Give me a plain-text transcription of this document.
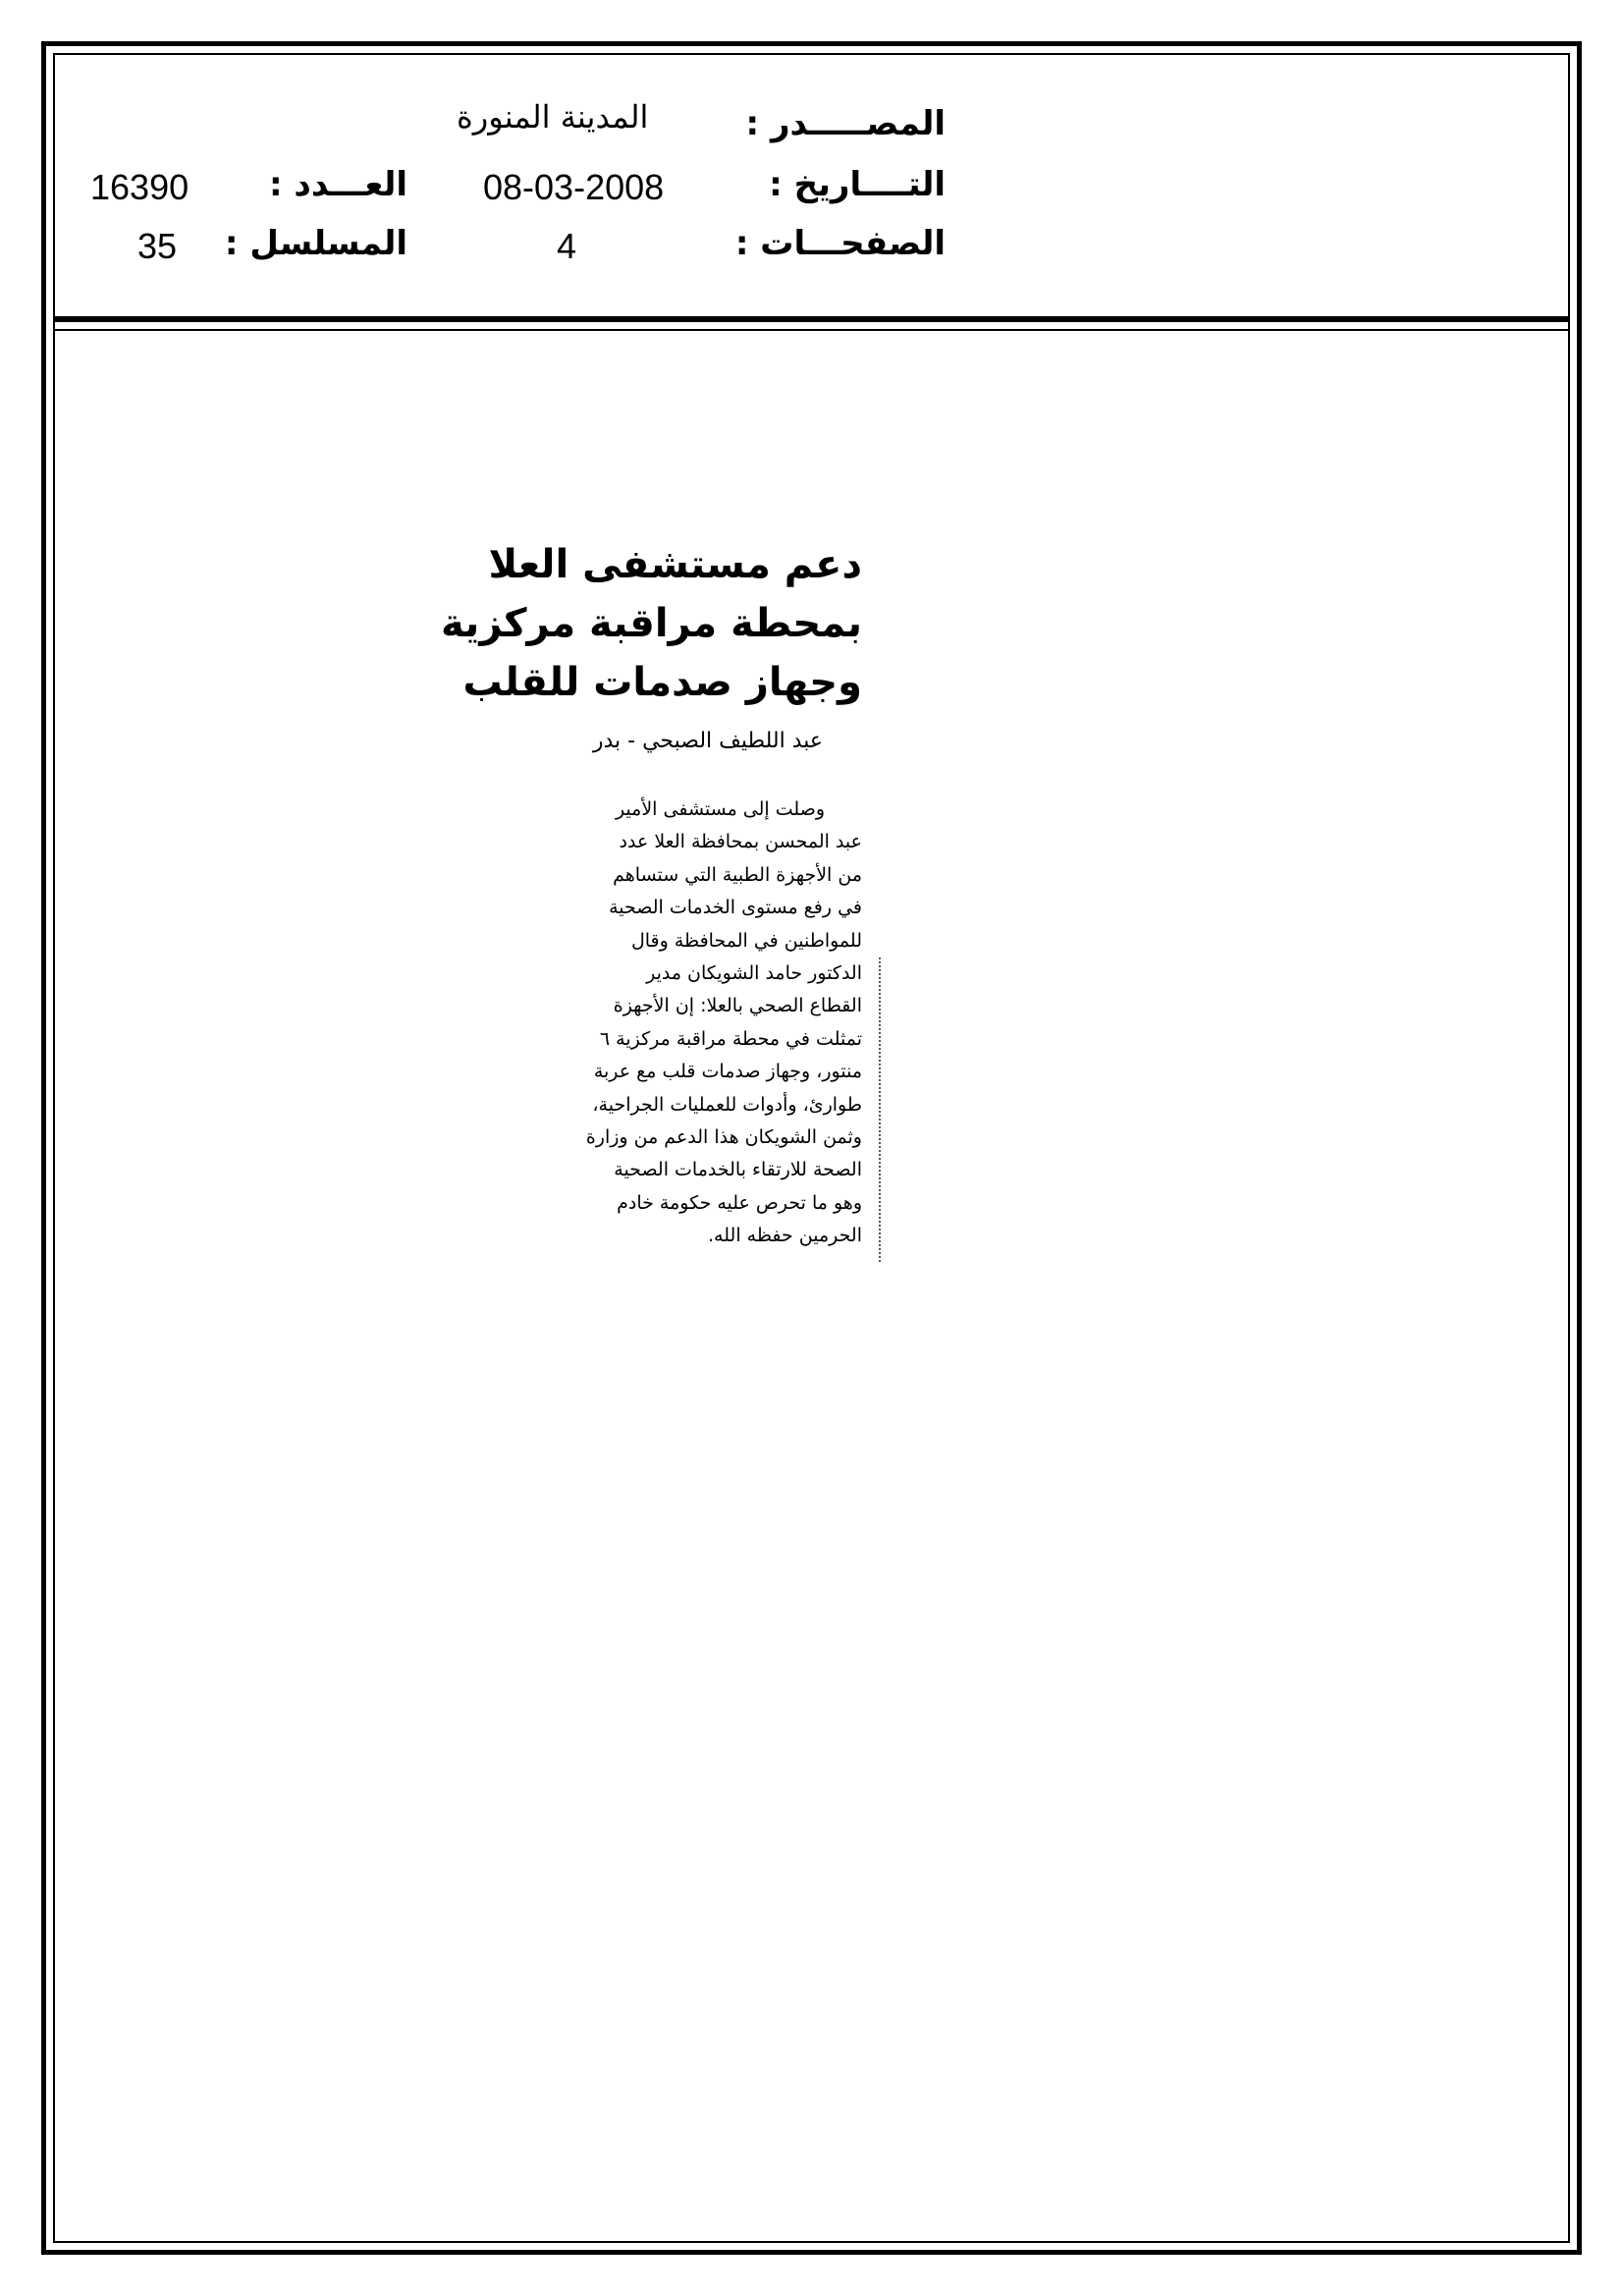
المصـــــدر :
المدينة المنورة
التــــاريخ :
08-03-2008
العـــدد :
16390
الصفحـــات :
4
المسلسل :
35
دعم مستشفى العلا
بمحطة مراقبة مركزية
وجهاز صدمات للقلب
عبد اللطيف الصبحي - بدر
وصلت إلى مستشفى الأمير
عبد المحسن بمحافظة العلا عدد
من الأجهزة الطبية التي ستساهم
في رفع مستوى الخدمات الصحية
للمواطنين في المحافظة وقال
الدكتور حامد الشويكان مدير
القطاع الصحي بالعلا: إن الأجهزة
تمثلت في محطة مراقبة مركزية ٦
منتور، وجهاز صدمات قلب مع عربة
طوارئ، وأدوات للعمليات الجراحية،
وثمن الشويكان هذا الدعم من وزارة
الصحة للارتقاء بالخدمات الصحية
وهو ما تحرص عليه حكومة خادم
الحرمين حفظه الله.
